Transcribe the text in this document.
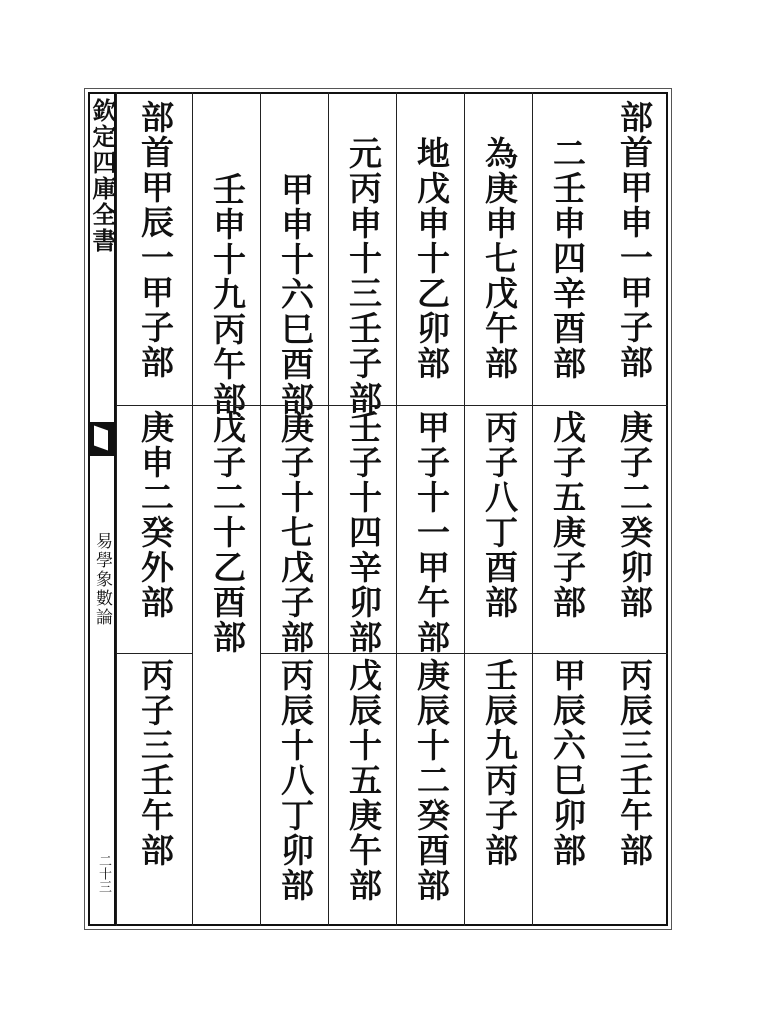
欽定四庫全書
易學象數論
二十三
部首甲申一甲子部
庚子二癸卯部
丙辰三壬午部
二壬申四辛酉部
戊子五庚子部
甲辰六巳卯部
為庚申七戊午部
丙子八丁酉部
壬辰九丙子部
地戊申十乙卯部
甲子十一甲午部
庚辰十二癸酉部
元丙申十三壬子部
壬子十四辛卯部
戊辰十五庚午部
甲申十六巳酉部
庚子十七戊子部
丙辰十八丁卯部
壬申十九丙午部
戊子二十乙酉部
部首甲辰一甲子部
庚申二癸外部
丙子三壬午部
